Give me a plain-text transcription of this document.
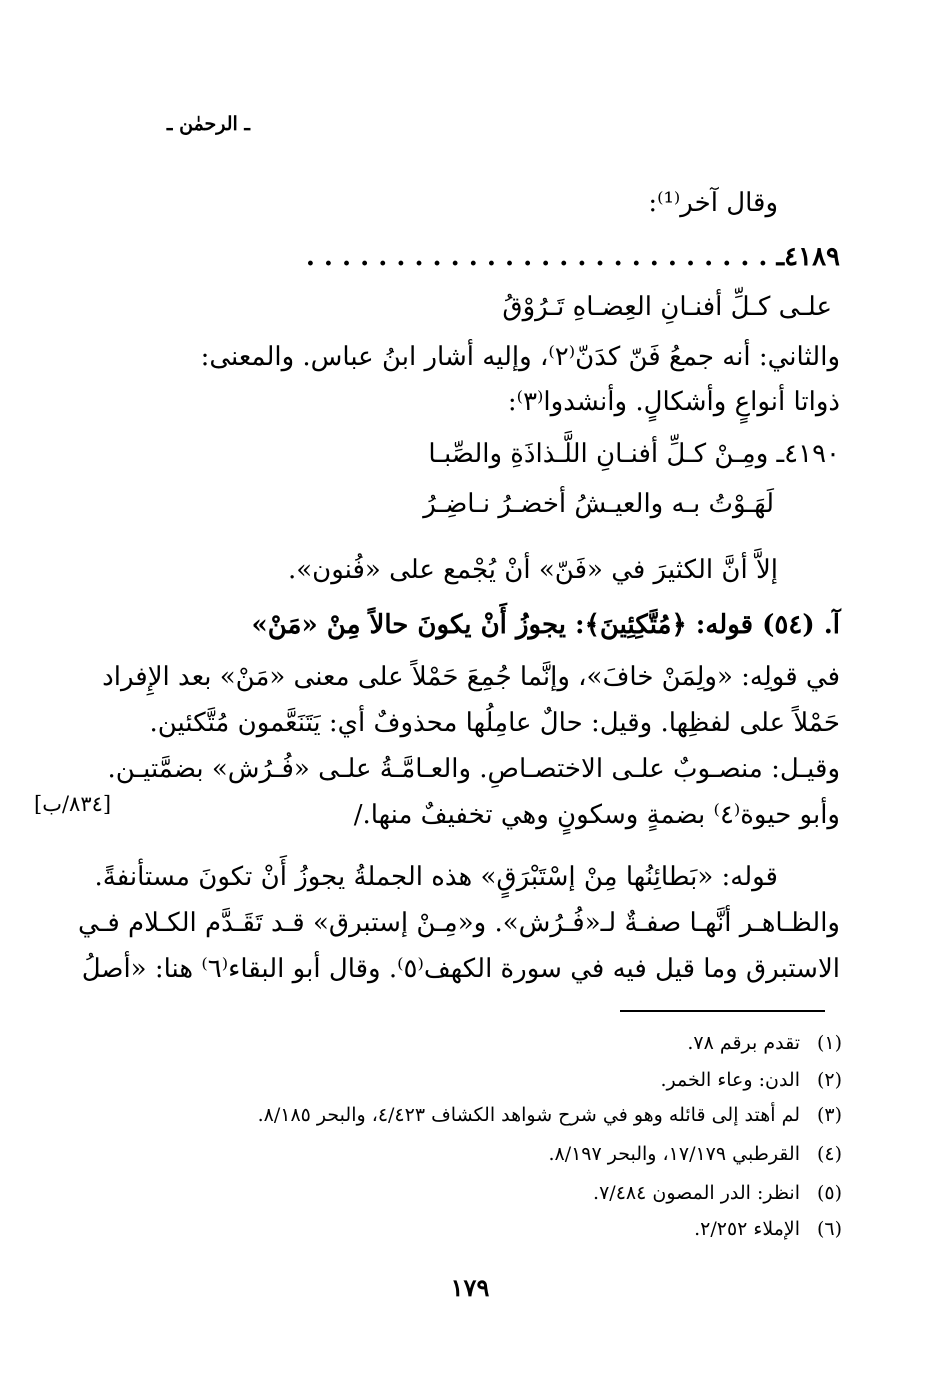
ـ الرحمٰن ـ
وقال آخر⁽¹⁾:
٤١٨٩ـ . . . . . . . . . . . . . . . . . . . . . . . . . .
علـى كـلِّ أفنـانِ العِضـاهِ تَـرُوْقُ
والثاني: أنه جمعُ فَنّ كدَنّ⁽٢⁾، وإليه أشار ابنُ عباس. والمعنى:
ذواتا أنواعٍ وأشكالٍ. وأنشدوا⁽٣⁾:
٤١٩٠ـ ومِـنْ كـلِّ أفنـانِ اللَّـذاذَةِ والصِّبـا
لَهَـوْتُ بـه والعيـشُ أخضـرُ نـاضِـرُ
إلاَّ أنَّ الكثيرَ في «فَنّ» أنْ يُجْمع على «فُنون».
آ. (٥٤) قوله: ﴿مُتَّكِئِينَ﴾: يجوزُ أَنْ يكونَ حالاً مِنْ «مَنْ»
في قولِه: «ولِمَنْ خافَ»، وإنَّما جُمِعَ حَمْلاً على معنى «مَنْ» بعد الإِفراد
حَمْلاً على لفظِها. وقيل: حالٌ عامِلُها محذوفٌ أي: يَتَنَعَّمون مُتَّكئين.
وقيـل: منصـوبٌ علـى الاختصـاصِ. والعـامَّـةُ علـى «فُـرُش» بضمَّتيـن.
وأبو حيوة⁽٤⁾ بضمةٍ وسكونٍ وهي تخفيفٌ منها./
[٨٣٤/ب]
قوله: «بَطائِنُها مِنْ إسْتَبْرَقٍ» هذه الجملةُ يجوزُ أَنْ تكونَ مستأنفةً.
والظـاهـر أنَّهـا صفـةٌ لـ«فُـرُش». و«مِـنْ إستبرق» قـد تَقَـدَّم الكـلام فـي
الاستبرق وما قيل فيه في سورة الكهف⁽٥⁾. وقال أبو البقاء⁽٦⁾ هنا: «أصلُ
(١)تقدم برقم ٧٨.
(٢)الدن: وعاء الخمر.
(٣)لم أهتد إلى قائله وهو في شرح شواهد الكشاف ٤/٤٢٣، والبحر ٨/١٨٥.
(٤)القرطبي ١٧/١٧٩، والبحر ٨/١٩٧.
(٥)انظر: الدر المصون ٧/٤٨٤.
(٦)الإملاء ٢/٢٥٢.
١٧٩
